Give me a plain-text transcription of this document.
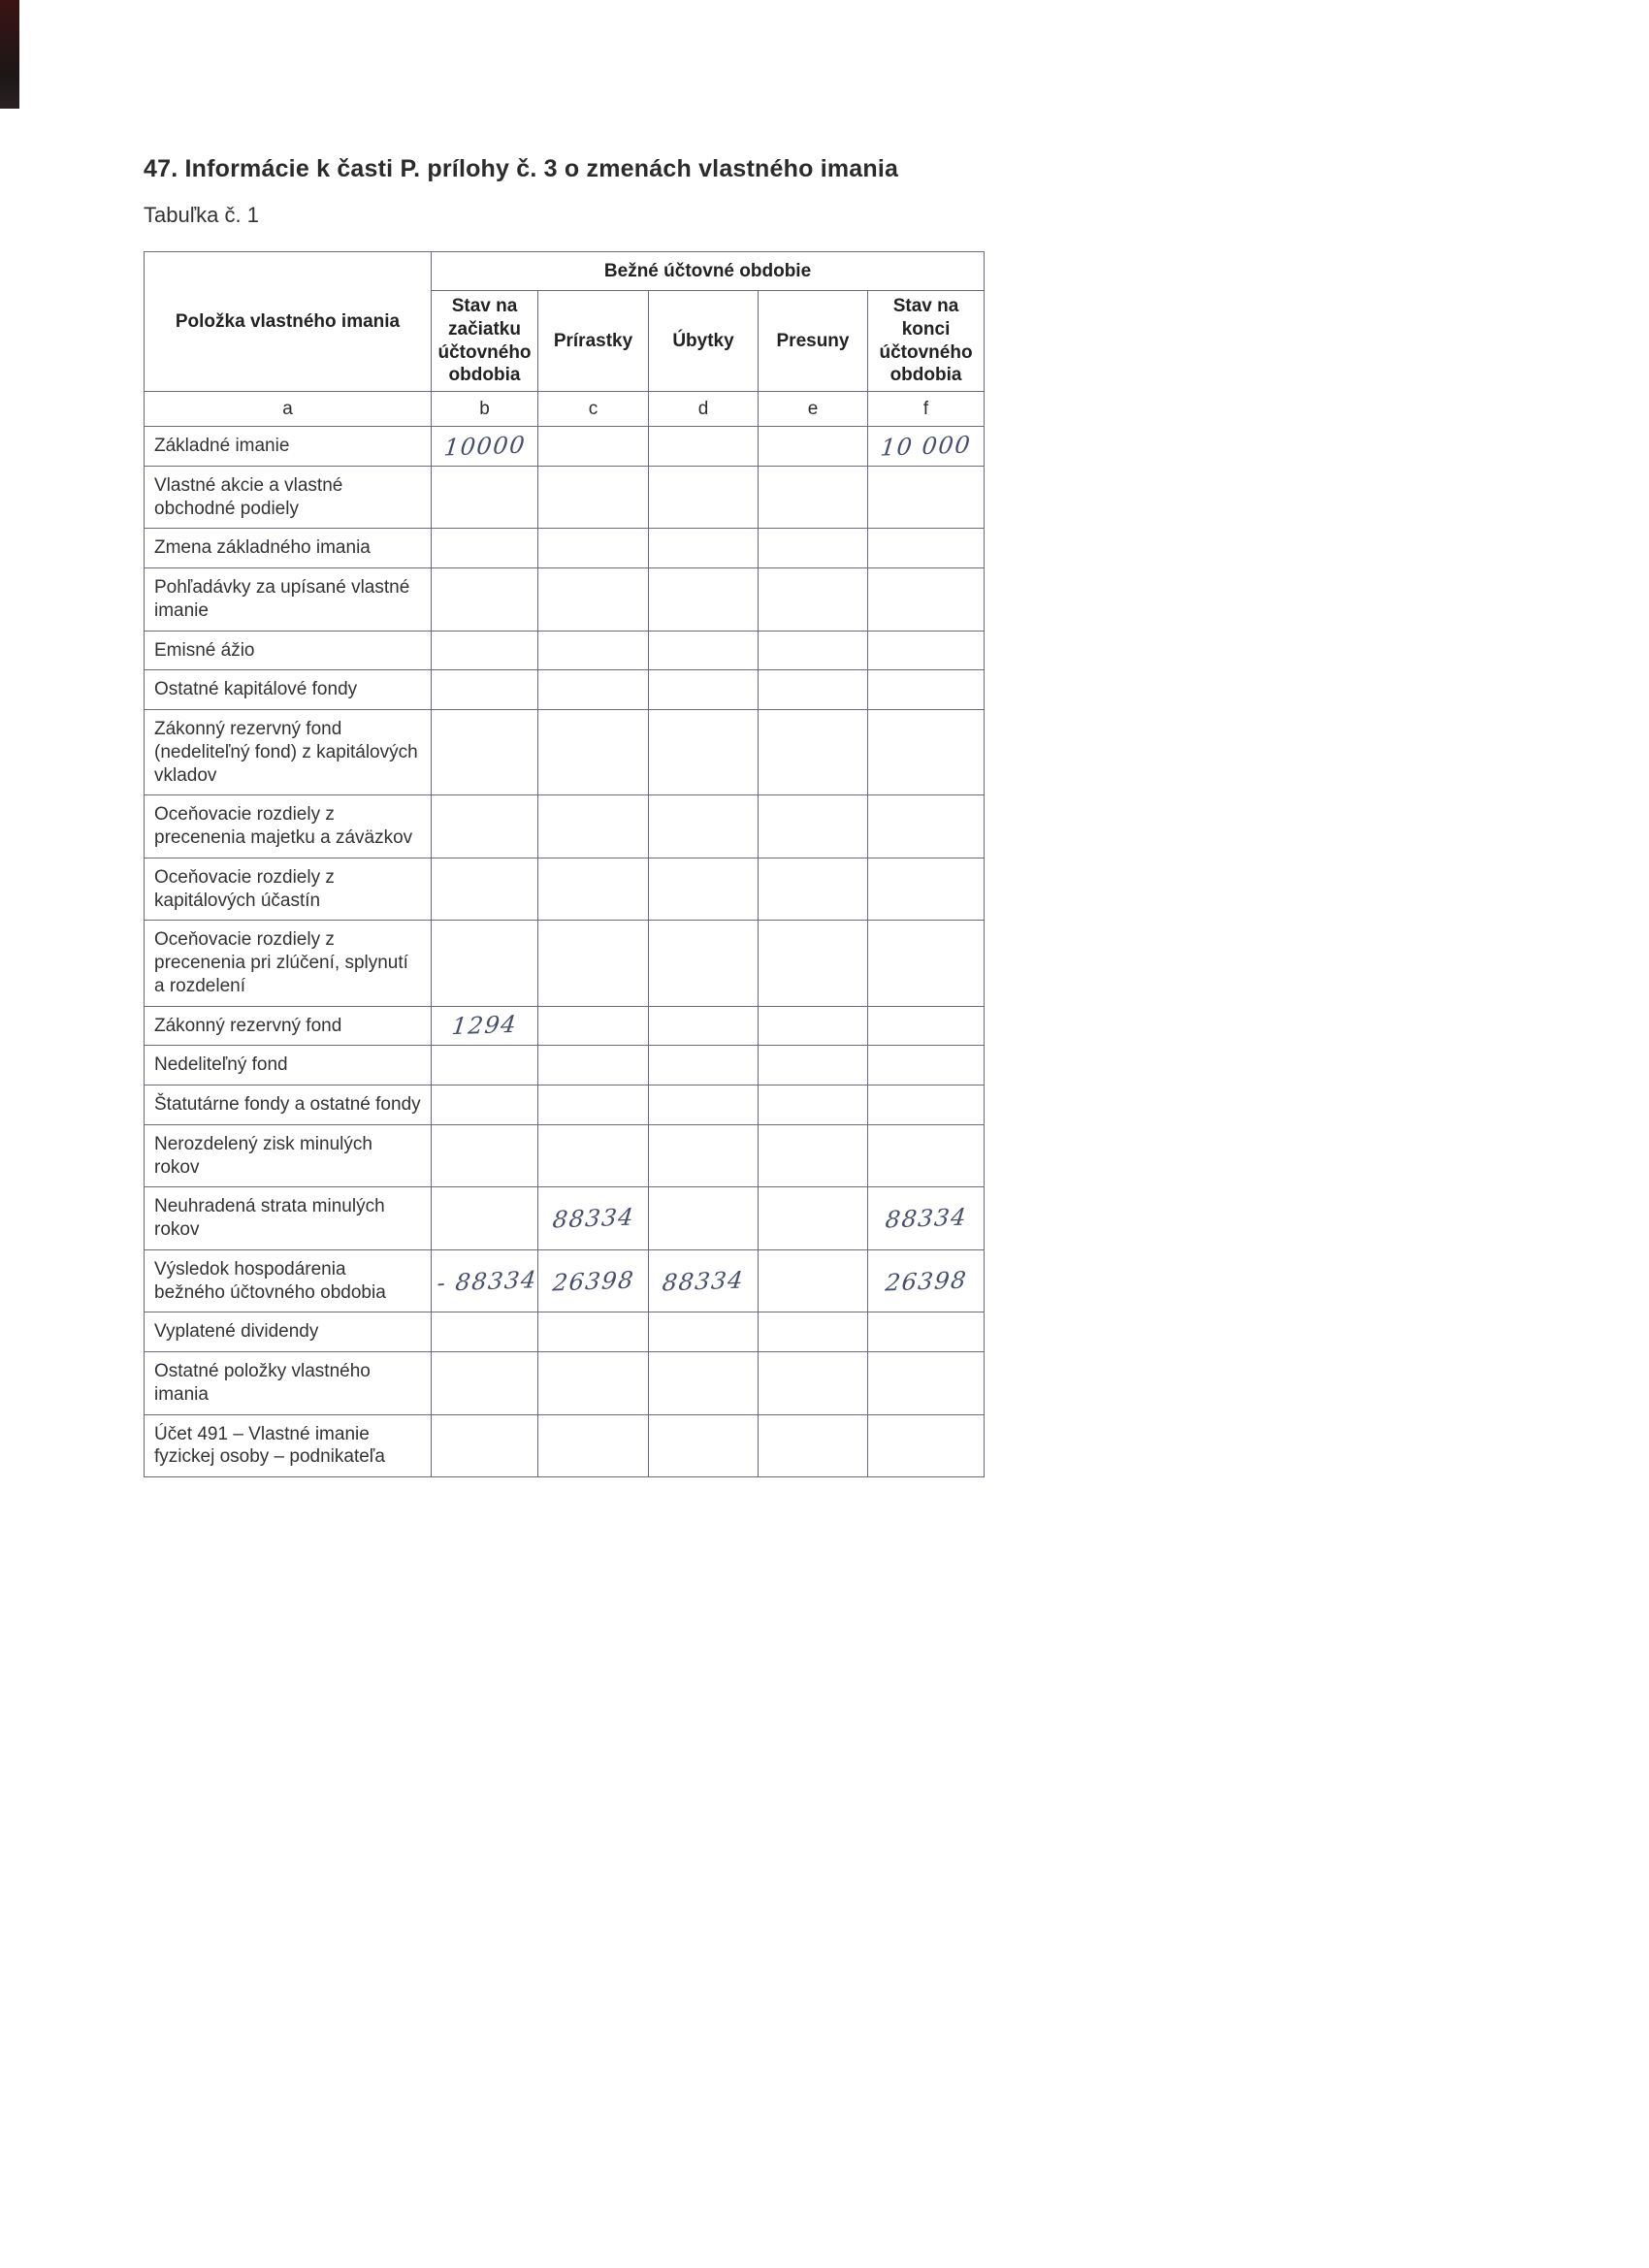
47. Informácie k časti P. prílohy č. 3 o zmenách vlastného imania
Tabuľka č. 1
Položka vlastného imania	Bežné účtovné obdobie				
	Stav na začiatku účtovného obdobia	Prírastky	Úbytky	Presuny	Stav na konci účtovného obdobia
a	b	c	d	e	f
Základné imanie	10000				10 000
Vlastné akcie a vlastné obchodné podiely					
Zmena základného imania					
Pohľadávky za upísané vlastné imanie					
Emisné ážio					
Ostatné kapitálové fondy					
Zákonný rezervný fond (nedeliteľný fond) z kapitálových vkladov					
Oceňovacie rozdiely z precenenia majetku a záväzkov					
Oceňovacie rozdiely z kapitálových účastín					
Oceňovacie rozdiely z precenenia pri zlúčení, splynutí a rozdelení					
Zákonný rezervný fond	1294				
Nedeliteľný fond					
Štatutárne fondy a ostatné fondy					
Nerozdelený zisk minulých rokov					
Neuhradená strata minulých rokov		88334			88334
Výsledok hospodárenia bežného účtovného obdobia	- 88334	26398	88334		26398
Vyplatené dividendy					
Ostatné položky vlastného imania					
Účet 491 – Vlastné imanie fyzickej osoby – podnikateľa					
